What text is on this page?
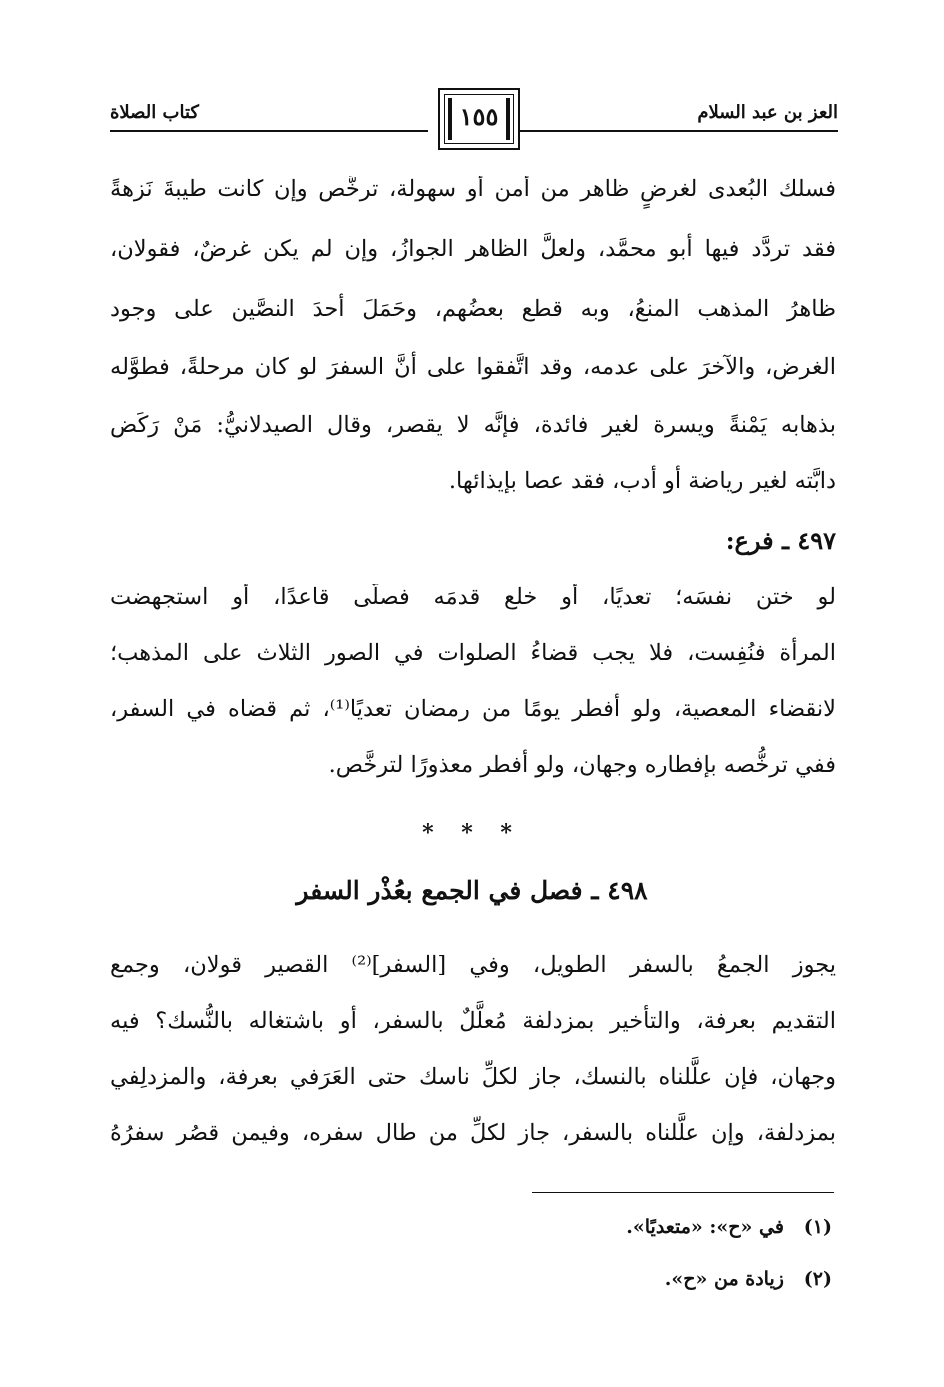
العز بن عبد السلام
كتاب الصلاة	١٥٥
فسلك البُعدى لغرضٍ ظاهر من أمن أو سهولة، ترخَّص وإن كانت طيبةَ نَزهةً
فقد تردَّد فيها أبو محمَّد، ولعلَّ الظاهر الجوازُ، وإن لم يكن غرضٌ، فقولان،
ظاهرُ المذهب المنعُ، وبه قطع بعضُهم، وحَمَلَ أحدَ النصَّين على وجود
الغرض، والآخرَ على عدمه، وقد اتَّفقوا على أنَّ السفرَ لو كان مرحلةً، فطوَّله
بذهابه يَمْنةً ويسرة لغير فائدة، فإنَّه لا يقصر، وقال الصيدلانيُّ: مَنْ رَكَض
دابَّته لغير رياضة أو أدب، فقد عصا بإيذائها.
٤٩٧ ـ فرع:
لو ختن نفسَه؛ تعديًا، أو خلع قدمَه فصلَّى قاعدًا، أو استجهضت
المرأة فنُفِست، فلا يجب قضاءُ الصلوات في الصور الثلاث على المذهب؛
لانقضاء المعصية، ولو أفطر يومًا من رمضان تعديًا⁽¹⁾، ثم قضاه في السفر،
ففي ترخُّصه بإفطاره وجهان، ولو أفطر معذورًا لترخَّص.
* * *
٤٩٨ ـ فصل في الجمع بعُذْر السفر
يجوز الجمعُ بالسفر الطويل، وفي [السفر]⁽²⁾ القصير قولان، وجمع
التقديم بعرفة، والتأخير بمزدلفة مُعلَّلٌ بالسفر، أو باشتغاله بالنُّسك؟ فيه
وجهان، فإن علَّلناه بالنسك، جاز لكلِّ ناسك حتى العَرَفي بعرفة، والمزدلِفي
بمزدلفة، وإن علَّلناه بالسفر، جاز لكلِّ من طال سفره، وفيمن قصُر سفرُهُ
(١)   في «ح»: «متعديًا».
(٢)   زيادة من «ح».
